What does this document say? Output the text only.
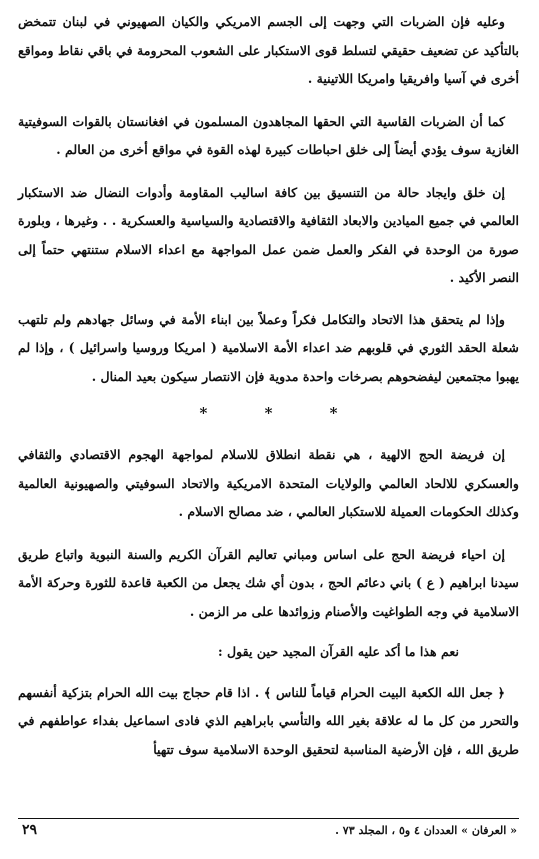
وعليه فإن الضربات التي وجهت إلى الجسم الامريكي والكيان الصهيوني في لبنان تتمخض بالتأكيد عن تضعيف حقيقي لتسلط قوى الاستكبار على الشعوب المحرومة في باقي نقاط ومواقع أخرى في آسيا وافريقيا وامريكا اللاتينية .

كما أن الضربات القاسية التي الحقها المجاهدون المسلمون في افغانستان بالقوات السوفيتية الغازية سوف يؤدي أيضاً إلى خلق احباطات كبيرة لهذه القوة في مواقع أخرى من العالم .

إن خلق وايجاد حالة من التنسيق بين كافة اساليب المقاومة وأدوات النضال ضد الاستكبار العالمي في جميع الميادين والابعاد الثقافية والاقتصادية والسياسية والعسكرية . . وغيرها ، وبلورة صورة من الوحدة في الفكر والعمل ضمن عمل المواجهة مع اعداء الاسلام ستنتهي حتماً إلى النصر الأكيد .

وإذا لم يتحقق هذا الاتحاد والتكامل فكراً وعملاً بين ابناء الأمة في وسائل جهادهم ولم تلتهب شعلة الحقد الثوري في قلوبهم ضد اعداء الأمة الاسلامية ( امريكا وروسيا واسرائيل ) ، وإذا لم يهبوا مجتمعين ليفضحوهم بصرخات واحدة مدوية فإن الانتصار سيكون بعيد المنال .

* * *

إن فريضة الحج الالهية ، هي نقطة انطلاق للاسلام لمواجهة الهجوم الاقتصادي والثقافي والعسكري للالحاد العالمي والولايات المتحدة الامريكية والاتحاد السوفيتي والصهيونية العالمية وكذلك الحكومات العميلة للاستكبار العالمي ، ضد مصالح الاسلام .

إن احياء فريضة الحج على اساس ومباني تعاليم القرآن الكريم والسنة النبوية واتباع طريق سيدنا ابراهيم ( ع ) باني دعائم الحج ، بدون أي شك يجعل من الكعبة قاعدة للثورة وحركة الأمة الاسلامية في وجه الطواغيت والأصنام وزوائدها على مر الزمن .

نعم هذا ما أكد عليه القرآن المجيد حين يقول :

﴿ جعل الله الكعبة البيت الحرام قياماً للناس ﴾ . اذا قام حجاج بيت الله الحرام بتزكية أنفسهم والتحرر من كل ما له علاقة بغير الله والتأسي بابراهيم الذي فادى اسماعيل بفداء عواطفهم في طريق الله ، فإن الأرضية المناسبة لتحقيق الوحدة الاسلامية سوف تتهيأ

« العرفان » العددان ٤ و٥ ، المجلد ٧٣ .
٢٩
